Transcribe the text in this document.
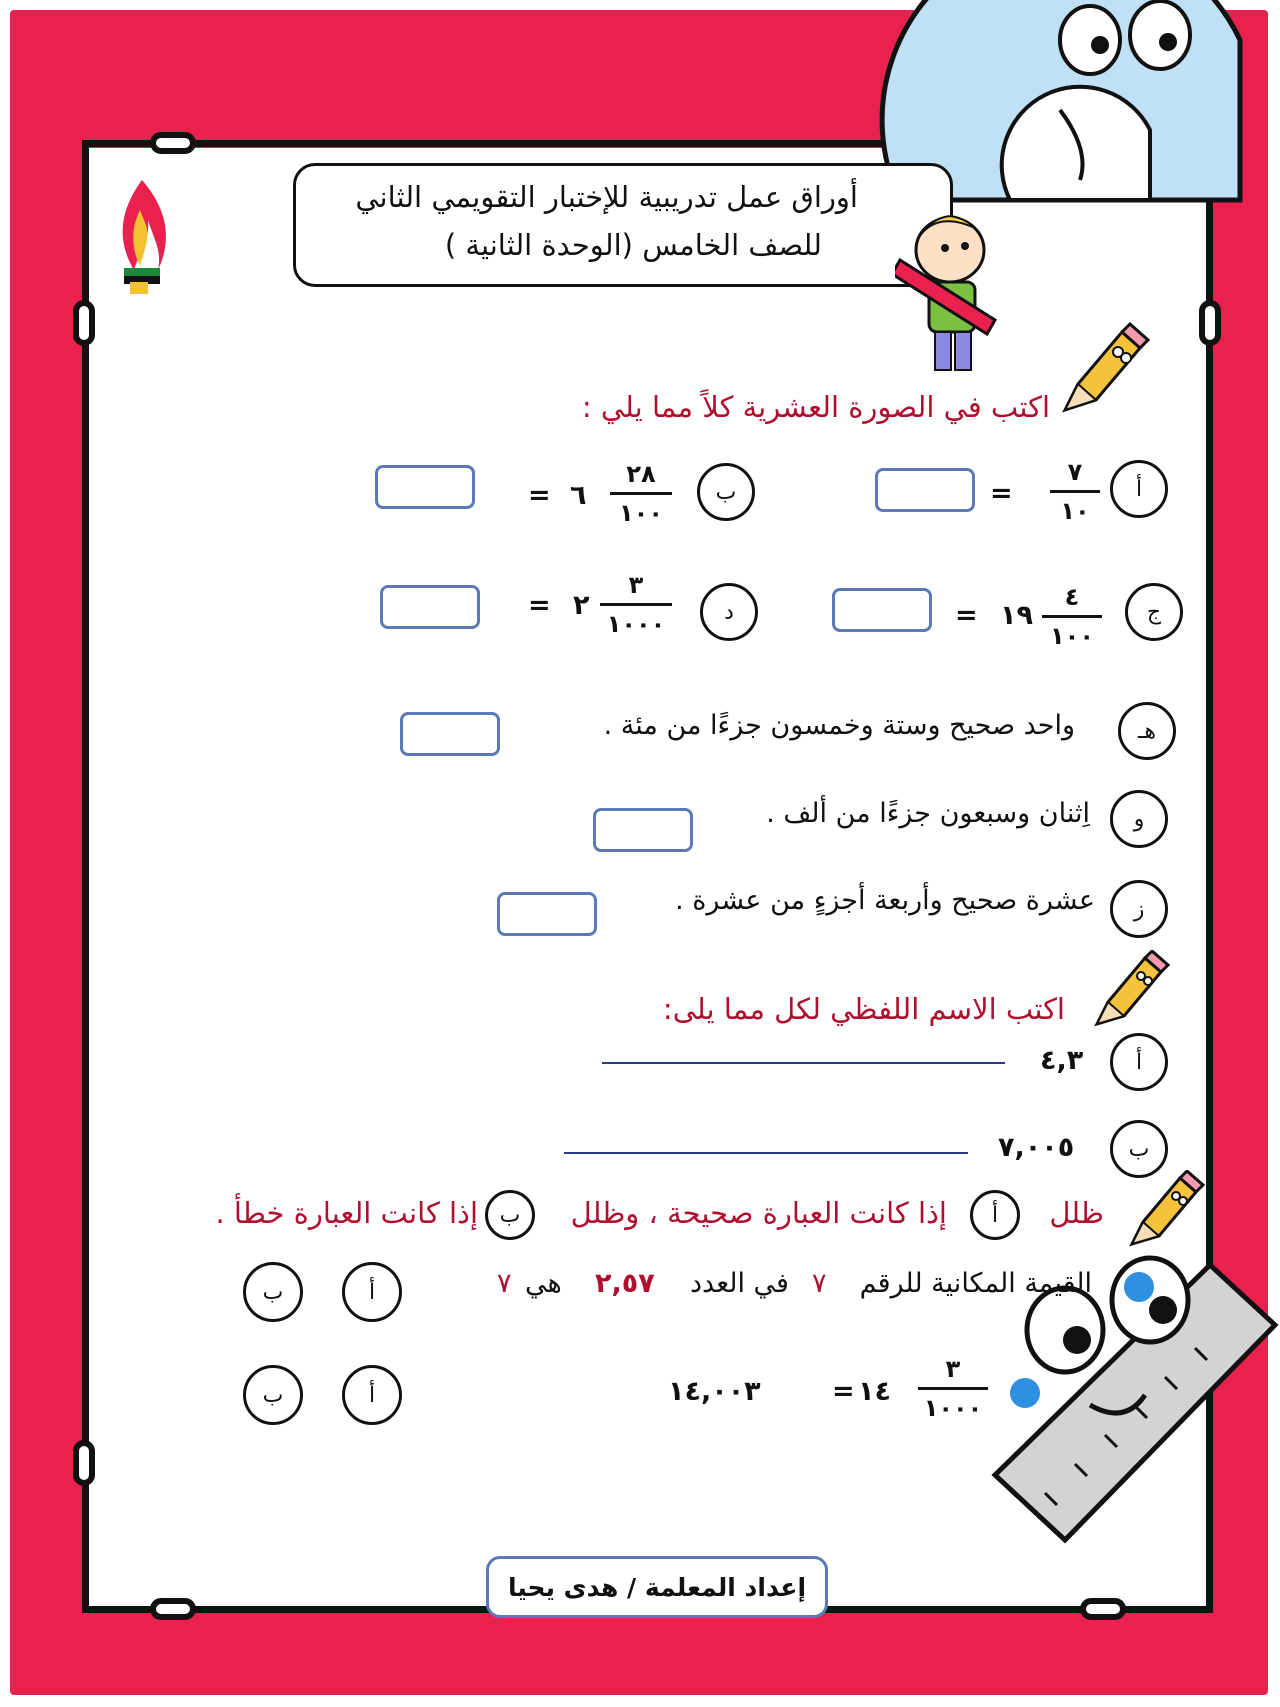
أوراق عمل تدريبية للإختبار التقويمي الثاني
للصف الخامس (الوحدة الثانية )
اكتب في الصورة العشرية كلاً مما يلي :
أ
٧
١٠
=
ب
٢٨
١٠٠
٦
=
ج
٤
١٠٠
١٩
=
د
٣
١٠٠٠
٢
=
هـ
واحد صحيح وستة وخمسون جزءًا من مئة .
و
اِثنان وسبعون جزءًا من ألف .
ز
عشرة صحيح وأربعة أجزءٍ من عشرة .
اكتب الاسم اللفظي لكل مما يلى:
أ
٤,٣
ب
٧,٠٠٥
ظلل
أ
إذا كانت العبارة صحيحة ، وظلل
ب
إذا كانت العبارة خطأ .
القيمة المكانية للرقم
٧
في العدد
٢,٥٧
هي
٧
أ
ب
٣
١٠٠٠
١٤
=
١٤,٠٠٣
أ
ب
إعداد المعلمة / هدى يحيا
